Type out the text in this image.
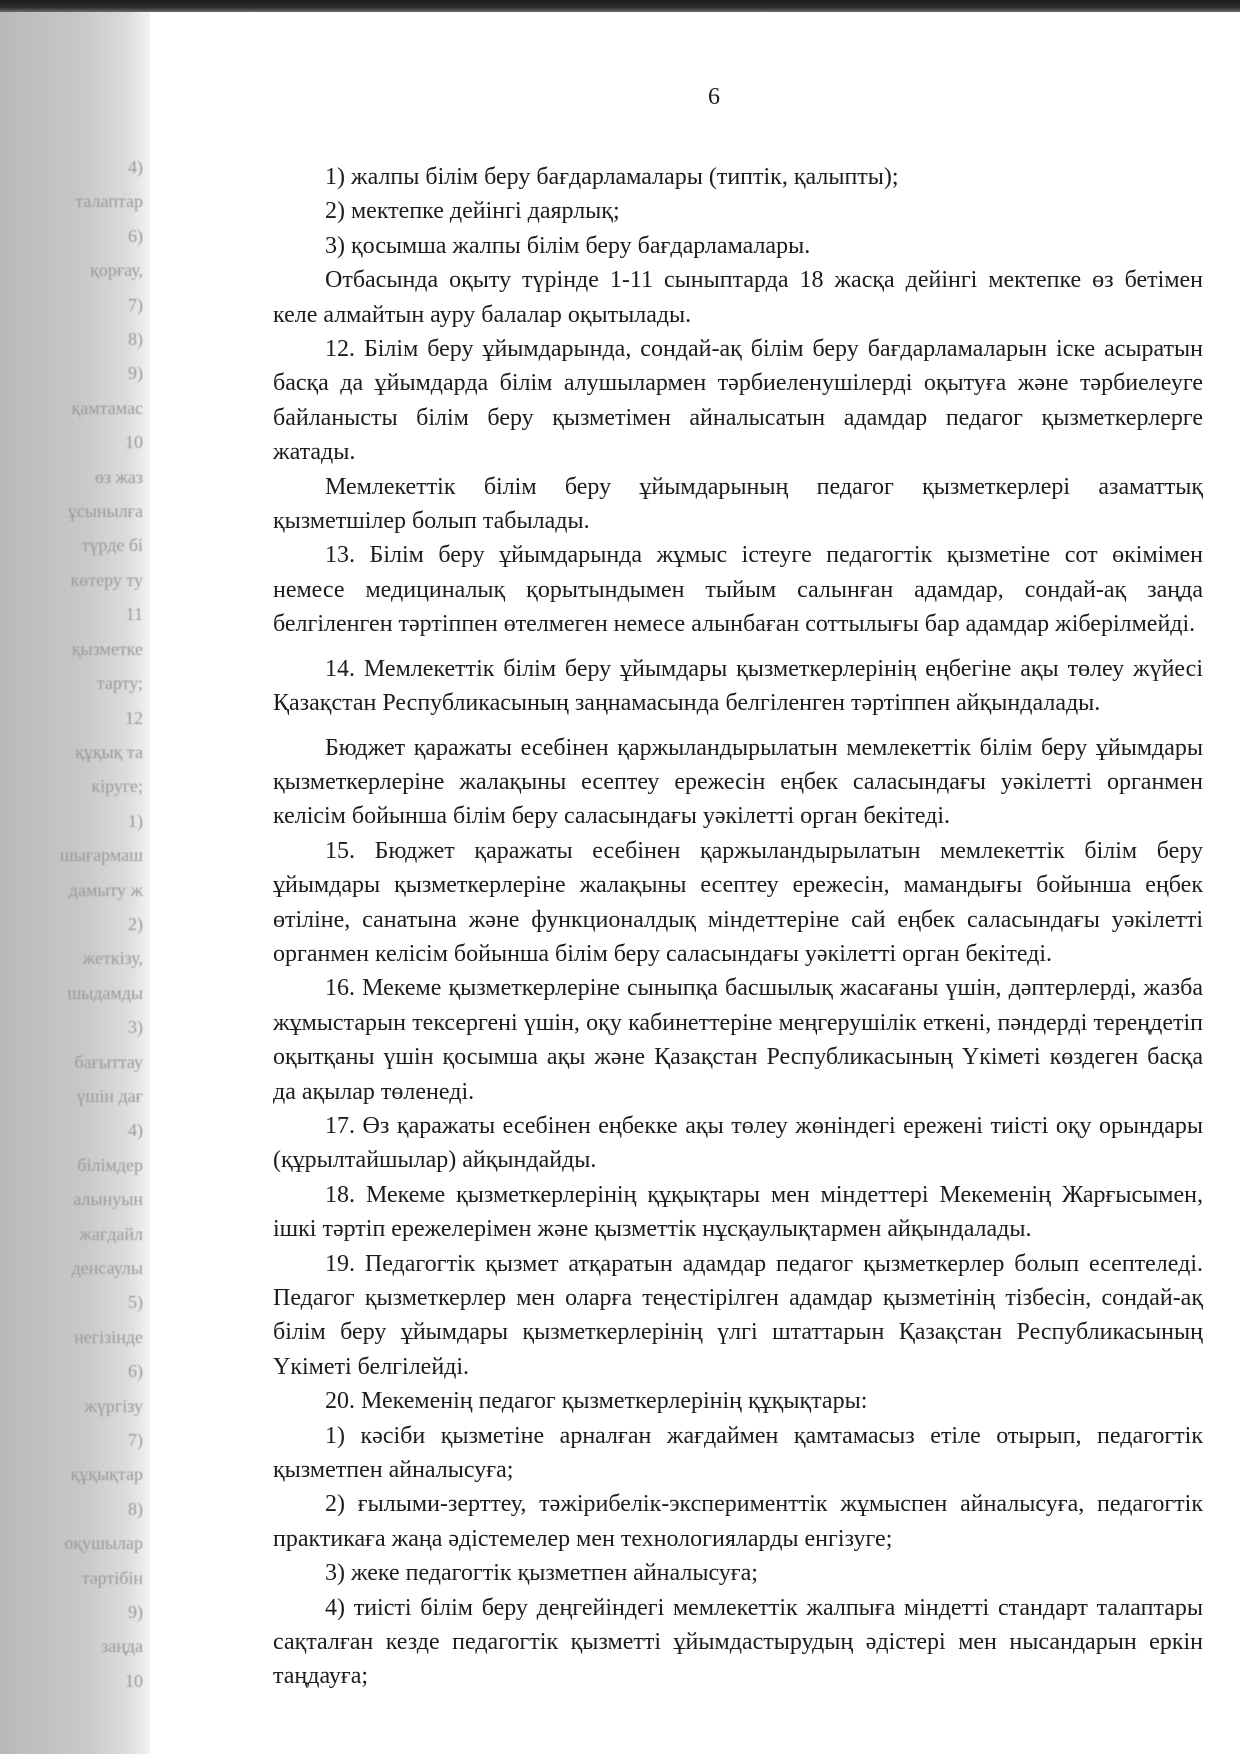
4)
талаптар
6)
қорғау,
7)
8)
9)
қамтамас
10
өз жаз
ұсынылға
түрде бі
көтеру ту
11
қызметке
тарту;
12
құқық та
кіруге;
1)
шығармаш
дамыту ж
2)
жеткізу,
шыдамды
3)
бағыттау
үшін дағ
4)
білімдер
алынуын
жағдайл
денсаулы
5)
негізінде
6)
жүргізу
7)
құқықтар
8)
оқушылар
тәртібін
9)
заңда
10
6

1) жалпы білім беру бағдарламалары (типтік, қалыпты);

2) мектепке дейінгі даярлық;

3) қосымша жалпы білім беру бағдарламалары.

Отбасында оқыту түрінде 1-11 сыныптарда 18 жасқа дейінгі мектепке өз бетімен келе алмайтын ауру балалар оқытылады.

12. Білім беру ұйымдарында, сондай-ақ білім беру бағдарламаларын іске асыратын басқа да ұйымдарда білім алушылармен тәрбиеленушілерді оқытуға және тәрбиелеуге байланысты білім беру қызметімен айналысатын адамдар педагог қызметкерлерге жатады.

Мемлекеттік білім беру ұйымдарының педагог қызметкерлері азаматтық қызметшілер болып табылады.

13. Білім беру ұйымдарында жұмыс істеуге педагогтік қызметіне сот өкімімен немесе медициналық қорытындымен тыйым салынған адамдар, сондай-ақ заңда белгіленген тәртіппен өтелмеген немесе алынбаған соттылығы бар адамдар жіберілмейді.

14. Мемлекеттік білім беру ұйымдары қызметкерлерінің еңбегіне ақы төлеу жүйесі Қазақстан Республикасының заңнамасында белгіленген тәртіппен айқындалады.

Бюджет қаражаты есебінен қаржыландырылатын мемлекеттік білім беру ұйымдары қызметкерлеріне жалақыны есептеу ережесін еңбек саласындағы уәкілетті органмен келісім бойынша білім беру саласындағы уәкілетті орган бекітеді.

15. Бюджет қаражаты есебінен қаржыландырылатын мемлекеттік білім беру ұйымдары қызметкерлеріне жалақыны есептеу ережесін, мамандығы бойынша еңбек өтіліне, санатына және функционалдық міндеттеріне сай еңбек саласындағы уәкілетті органмен келісім бойынша білім беру саласындағы уәкілетті орган бекітеді.

16. Мекеме қызметкерлеріне сыныпқа басшылық жасағаны үшін, дәптерлерді, жазба жұмыстарын тексергені үшін, оқу кабинеттеріне меңгерушілік еткені, пәндерді тереңдетіп оқытқаны үшін қосымша ақы және Қазақстан Республикасының Үкіметі көздеген басқа да ақылар төленеді.

17. Өз қаражаты есебінен еңбекке ақы төлеу жөніндегі ережені тиісті оқу орындары (құрылтайшылар) айқындайды.

18. Мекеме қызметкерлерінің құқықтары мен міндеттері Мекеменің Жарғысымен, ішкі тәртіп ережелерімен және қызметтік нұсқаулықтармен айқындалады.

19. Педагогтік қызмет атқаратын адамдар педагог қызметкерлер болып есептеледі. Педагог қызметкерлер мен оларға теңестірілген адамдар қызметінің тізбесін, сондай-ақ білім беру ұйымдары қызметкерлерінің үлгі штаттарын Қазақстан Республикасының Үкіметі белгілейді.

20. Мекеменің педагог қызметкерлерінің құқықтары:

1) кәсіби қызметіне арналған жағдаймен қамтамасыз етіле отырып, педагогтік қызметпен айналысуға;

2) ғылыми-зерттеу, тәжірибелік-эксперименттік жұмыспен айналысуға, педагогтік практикаға жаңа әдістемелер мен технологияларды енгізуге;

3) жеке педагогтік қызметпен айналысуға;

4) тиісті білім беру деңгейіндегі мемлекеттік жалпыға міндетті стандарт талаптары сақталған кезде педагогтік қызметті ұйымдастырудың әдістері мен нысандарын еркін таңдауға;
